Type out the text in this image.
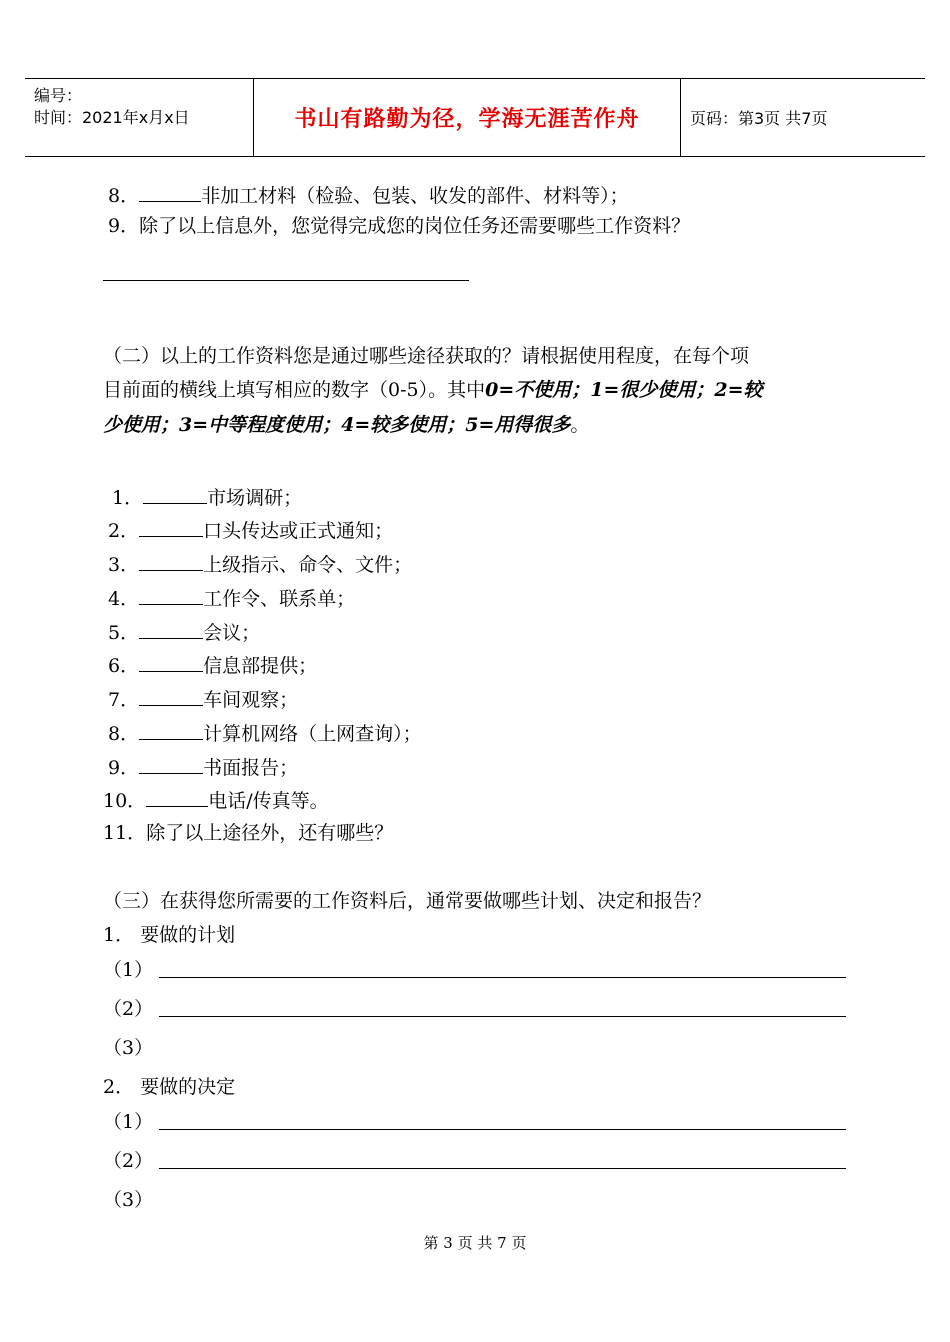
编号：
时间：2021年x月x日	书山有路勤为径，学海无涯苦作舟	页码：第3页 共7页
8．	非加工材料（检验、包装、收发的部件、材料等）；
9．除了以上信息外，您觉得完成您的岗位任务还需要哪些工作资料？
（二）以上的工作资料您是通过哪些途径获取的？请根据使用程度，在每个项
目前面的横线上填写相应的数字（0-5）。其中0=不使用；1=很少使用；2=较
少使用；3=中等程度使用；4=较多使用；5=用得很多。
1．	市场调研；
2．	口头传达或正式通知；
3．	上级指示、命令、文件；
4．	工作令、联系单；
5．	会议；
6．	信息部提供；
7．	车间观察；
8．	计算机网络（上网查询）；
9．	书面报告；
10．	电话/传真等。
11．除了以上途径外，还有哪些？
（三）在获得您所需要的工作资料后，通常要做哪些计划、决定和报告？
1． 要做的计划
（1）
（2）
（3）
2． 要做的决定
（1）
（2）
（3）
第 3 页 共 7 页
